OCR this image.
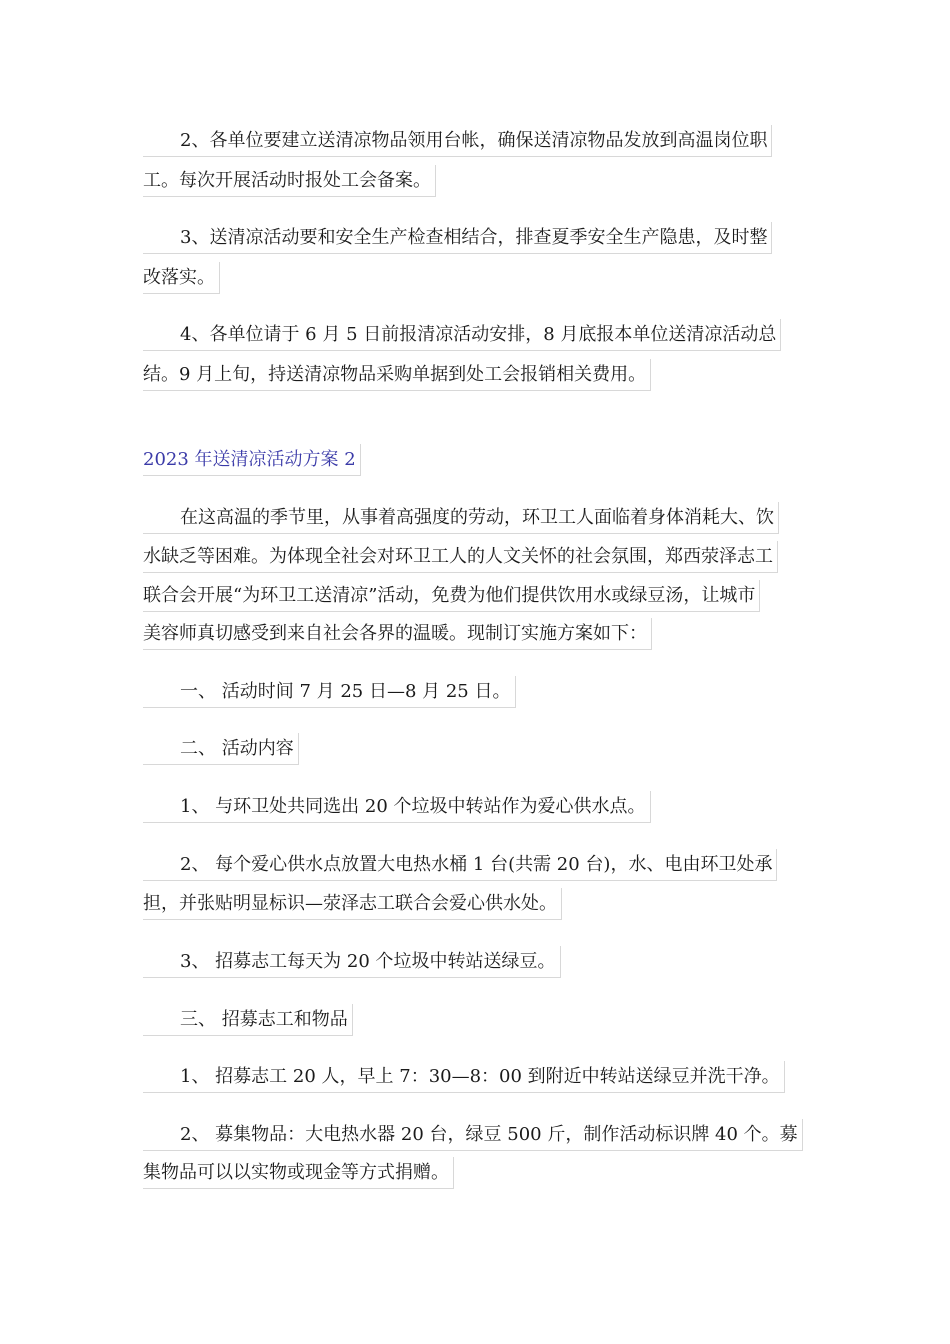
2、各单位要建立送清凉物品领用台帐，确保送清凉物品发放到高温岗位职
工。每次开展活动时报处工会备案。
3、送清凉活动要和安全生产检查相结合，排查夏季安全生产隐患，及时整
改落实。
4、各单位请于 6 月 5 日前报清凉活动安排，8 月底报本单位送清凉活动总
结。9 月上旬，持送清凉物品采购单据到处工会报销相关费用。
2023 年送清凉活动方案 2
在这高温的季节里，从事着高强度的劳动，环卫工人面临着身体消耗大、饮
水缺乏等困难。为体现全社会对环卫工人的人文关怀的社会氛围，郑西荥泽志工
联合会开展“为环卫工送清凉”活动，免费为他们提供饮用水或绿豆汤，让城市
美容师真切感受到来自社会各界的温暖。现制订实施方案如下：
一、 活动时间 7 月 25 日—8 月 25 日。
二、 活动内容
1、 与环卫处共同选出 20 个垃圾中转站作为爱心供水点。
2、 每个爱心供水点放置大电热水桶 1 台(共需 20 台)，水、电由环卫处承
担，并张贴明显标识—荥泽志工联合会爱心供水处。
3、 招募志工每天为 20 个垃圾中转站送绿豆。
三、 招募志工和物品
1、 招募志工 20 人，早上 7：30—8：00 到附近中转站送绿豆并洗干净。
2、 募集物品：大电热水器 20 台，绿豆 500 斤，制作活动标识牌 40 个。募
集物品可以以实物或现金等方式捐赠。
